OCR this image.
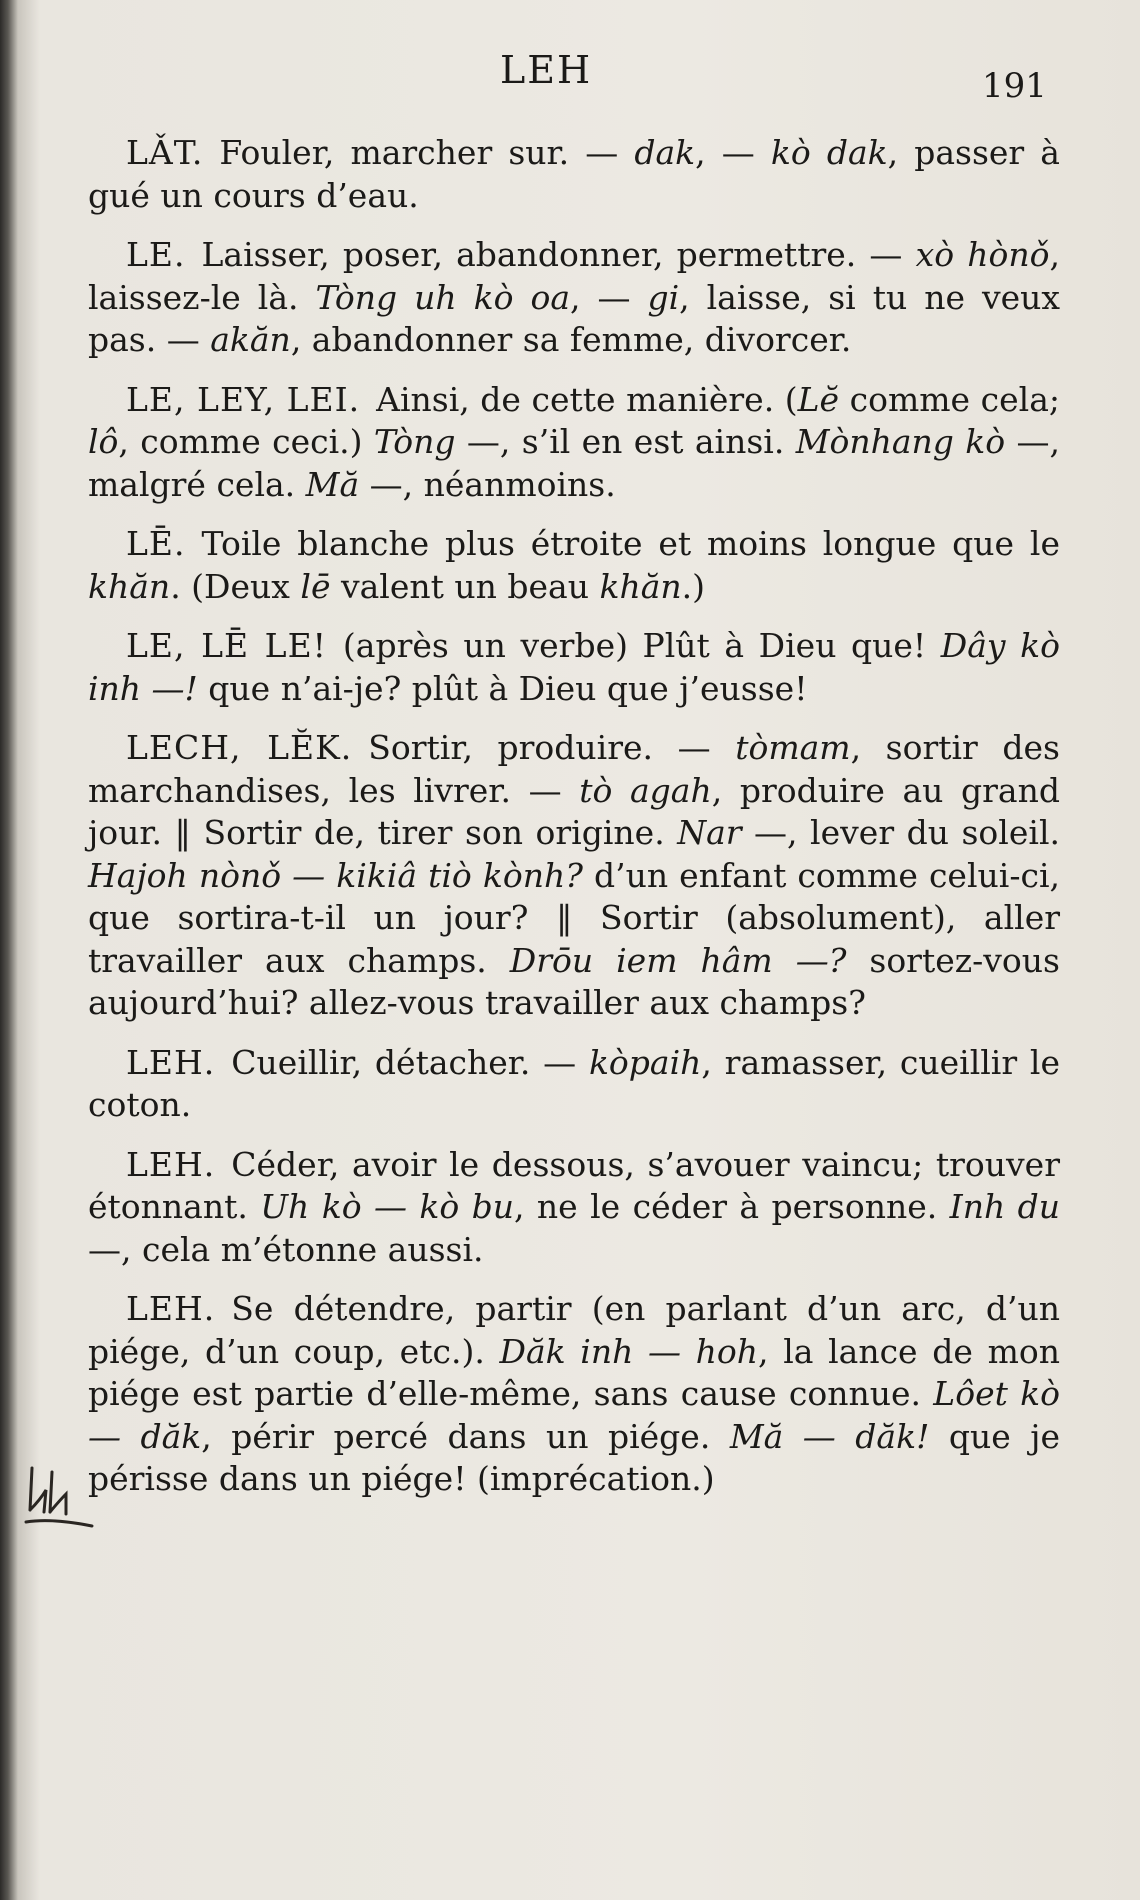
LEH	191

LǍT. Fouler, marcher sur. — dak, — kò dak, passer à gué un cours d’eau.

LE. Laisser, poser, abandonner, permettre. — xò hònǒ, laissez-le là. Tòng uh kò oa, — gi, laisse, si tu ne veux pas. — akăn, abandonner sa femme, divorcer.

LE, LEY, LEI. Ainsi, de cette manière. (Lĕ comme cela; lô, comme ceci.) Tòng —, s’il en est ainsi. Mònhang kò —, malgré cela. Mă —, néanmoins.

LĒ. Toile blanche plus étroite et moins longue que le khăn. (Deux lē valent un beau khăn.)

LE, LĒ LE! (après un verbe) Plût à Dieu que! Dây kò inh —! que n’ai-je? plût à Dieu que j’eusse!

LECH, LĔK. Sortir, produire. — tòmam, sortir des marchandises, les livrer. — tò agah, produire au grand jour. ‖ Sortir de, tirer son origine. Nar —, lever du soleil. Hajoh nònǒ — kikiâ tiò kònh? d’un enfant comme celui-ci, que sortira-t-il un jour? ‖ Sortir (absolument), aller travailler aux champs. Drōu iem hâm —? sortez-vous aujourd’hui? allez-vous travailler aux champs?

LEH. Cueillir, détacher. — kòpaih, ramasser, cueillir le coton.

LEH. Céder, avoir le dessous, s’avouer vaincu; trouver étonnant. Uh kò — kò bu, ne le céder à personne. Inh du —, cela m’étonne aussi.

LEH. Se détendre, partir (en parlant d’un arc, d’un piége, d’un coup, etc.). Dăk inh — hoh, la lance de mon piége est partie d’elle-même, sans cause connue. Lôet kò — dăk, périr percé dans un piége. Mă — dăk! que je périsse dans un piége! (imprécation.)
